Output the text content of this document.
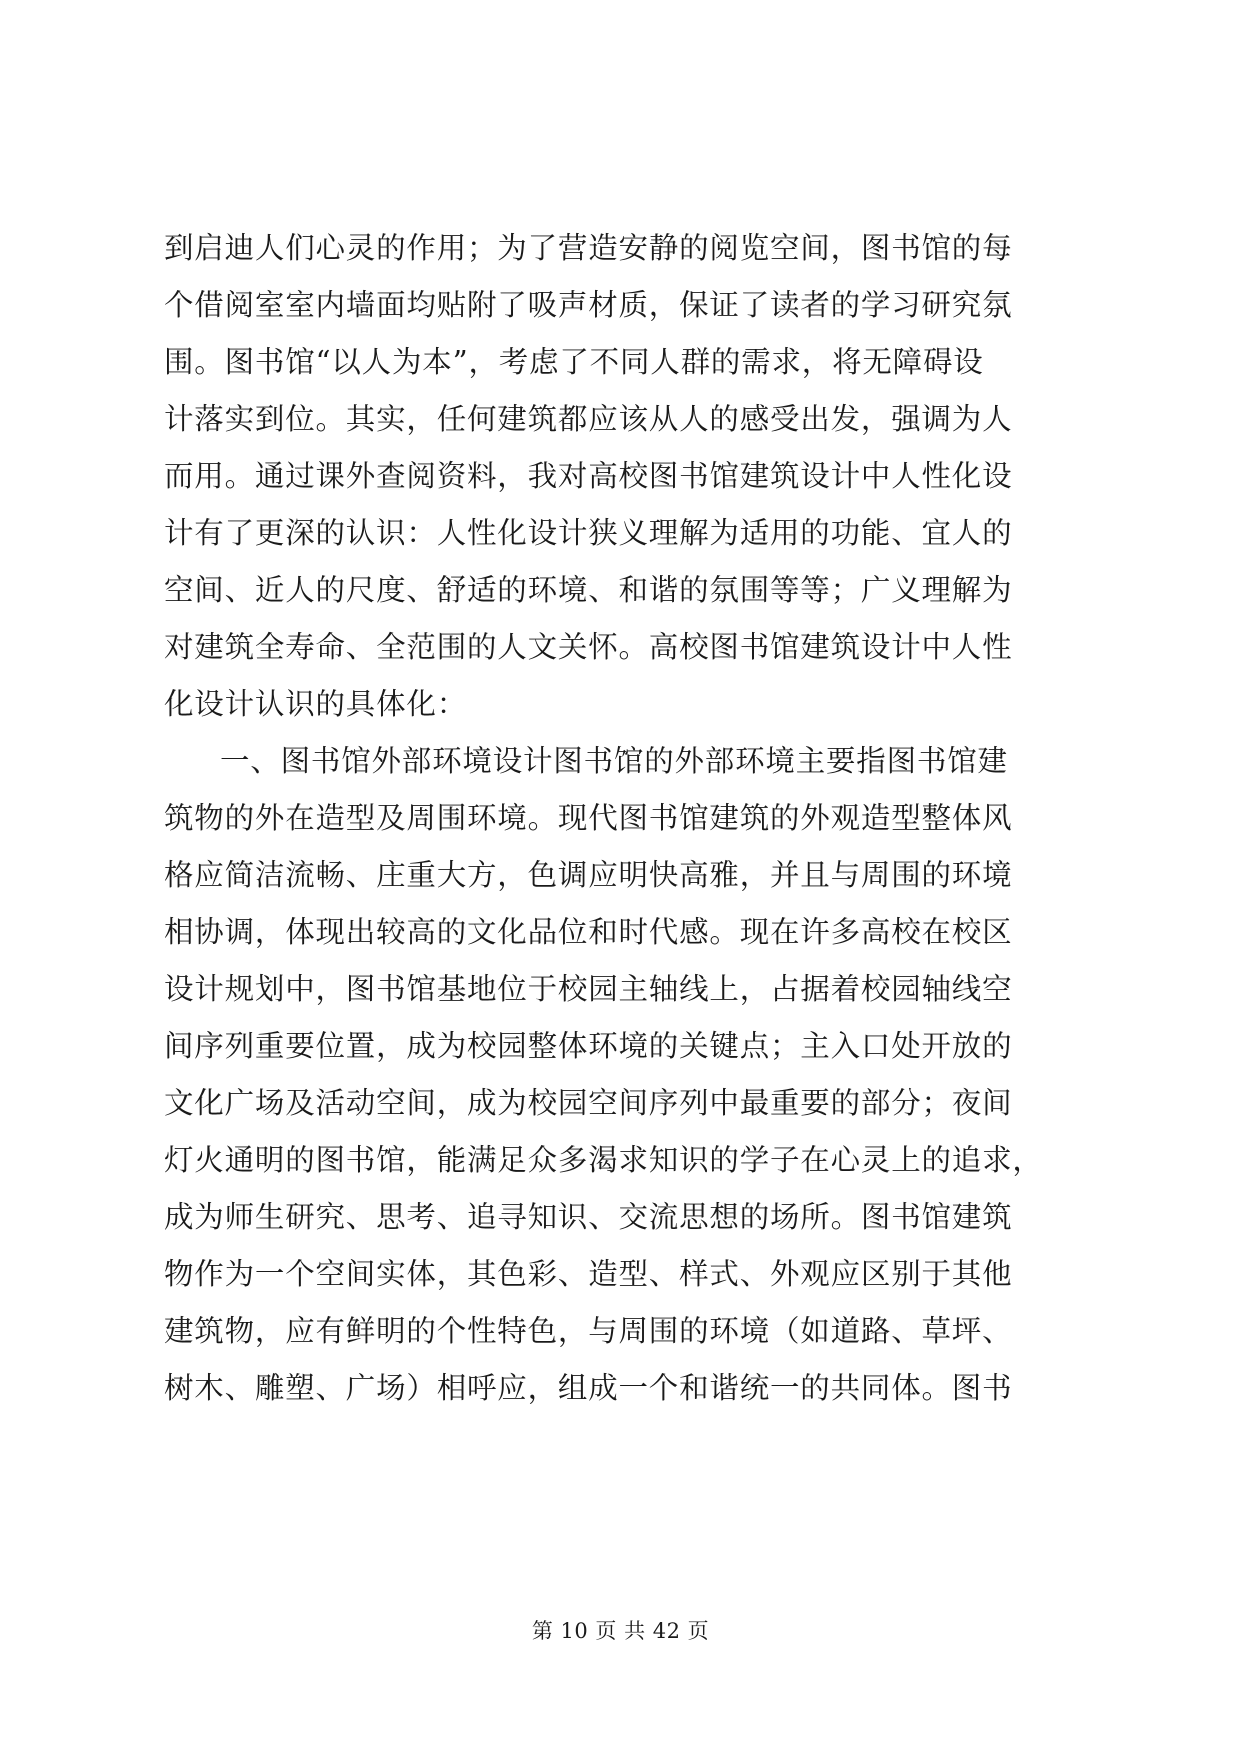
到启迪人们心灵的作用；为了营造安静的阅览空间，图书馆的每
个借阅室室内墙面均贴附了吸声材质，保证了读者的学习研究氛
围。图书馆“以人为本”，考虑了不同人群的需求，将无障碍设
计落实到位。其实，任何建筑都应该从人的感受出发，强调为人
而用。通过课外查阅资料，我对高校图书馆建筑设计中人性化设
计有了更深的认识：人性化设计狭义理解为适用的功能、宜人的
空间、近人的尺度、舒适的环境、和谐的氛围等等；广义理解为
对建筑全寿命、全范围的人文关怀。高校图书馆建筑设计中人性
化设计认识的具体化：
一、图书馆外部环境设计图书馆的外部环境主要指图书馆建
筑物的外在造型及周围环境。现代图书馆建筑的外观造型整体风
格应简洁流畅、庄重大方，色调应明快高雅，并且与周围的环境
相协调，体现出较高的文化品位和时代感。现在许多高校在校区
设计规划中，图书馆基地位于校园主轴线上，占据着校园轴线空
间序列重要位置，成为校园整体环境的关键点；主入口处开放的
文化广场及活动空间，成为校园空间序列中最重要的部分；夜间
灯火通明的图书馆，能满足众多渴求知识的学子在心灵上的追求，
成为师生研究、思考、追寻知识、交流思想的场所。图书馆建筑
物作为一个空间实体，其色彩、造型、样式、外观应区别于其他
建筑物，应有鲜明的个性特色，与周围的环境（如道路、草坪、
树木、雕塑、广场）相呼应，组成一个和谐统一的共同体。图书
第 10 页 共 42 页
